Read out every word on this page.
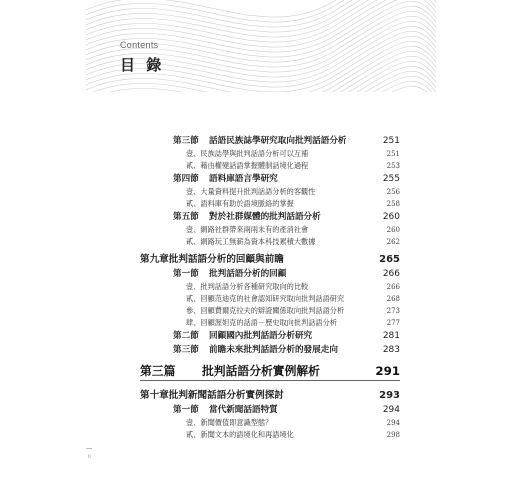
Contents
目 錄
第三節	話語民族誌學研究取向批判話語分析	251
壹、民族誌學與批判話語分析可以互補	251
貳、藉由權變話語掌握體制話境化過程	253
第四節	語料庫語言學研究	255
壹、大量資料提升批判話語分析的客觀性	256
貳、語料庫有助於語境脈絡的掌握	258
第五節	對於社群媒體的批判話語分析	260
壹、網路社群帶來兩兩未有的產消社會	260
貳、網路玩工無薪為資本科技累積大數據	262
第九章 批判話語分析的回顧與前瞻	265
第一節	批判話語分析的回顧	266
壹、批判話語分析各種研究取向的比較	266
貳、回顧范迪克的社會認知研究取向批判話語研究	268
參、回顧費爾克拉夫的辯證關係取向批判話語分析	273
肆、回顧渥妲克的話語－歷史取向批判話語分析	277
第二節	回顧國內批判話語分析研究	281
第三節	前瞻未來批判話語分析的發展走向	283
第三篇	批判話語分析實例解析	291
第十章 批判新聞話語分析實例探討	293
第一節	當代新聞話語特質	294
壹、新聞價值即意識型態？	294
貳、新聞文本的語境化和再語境化	298
ii
